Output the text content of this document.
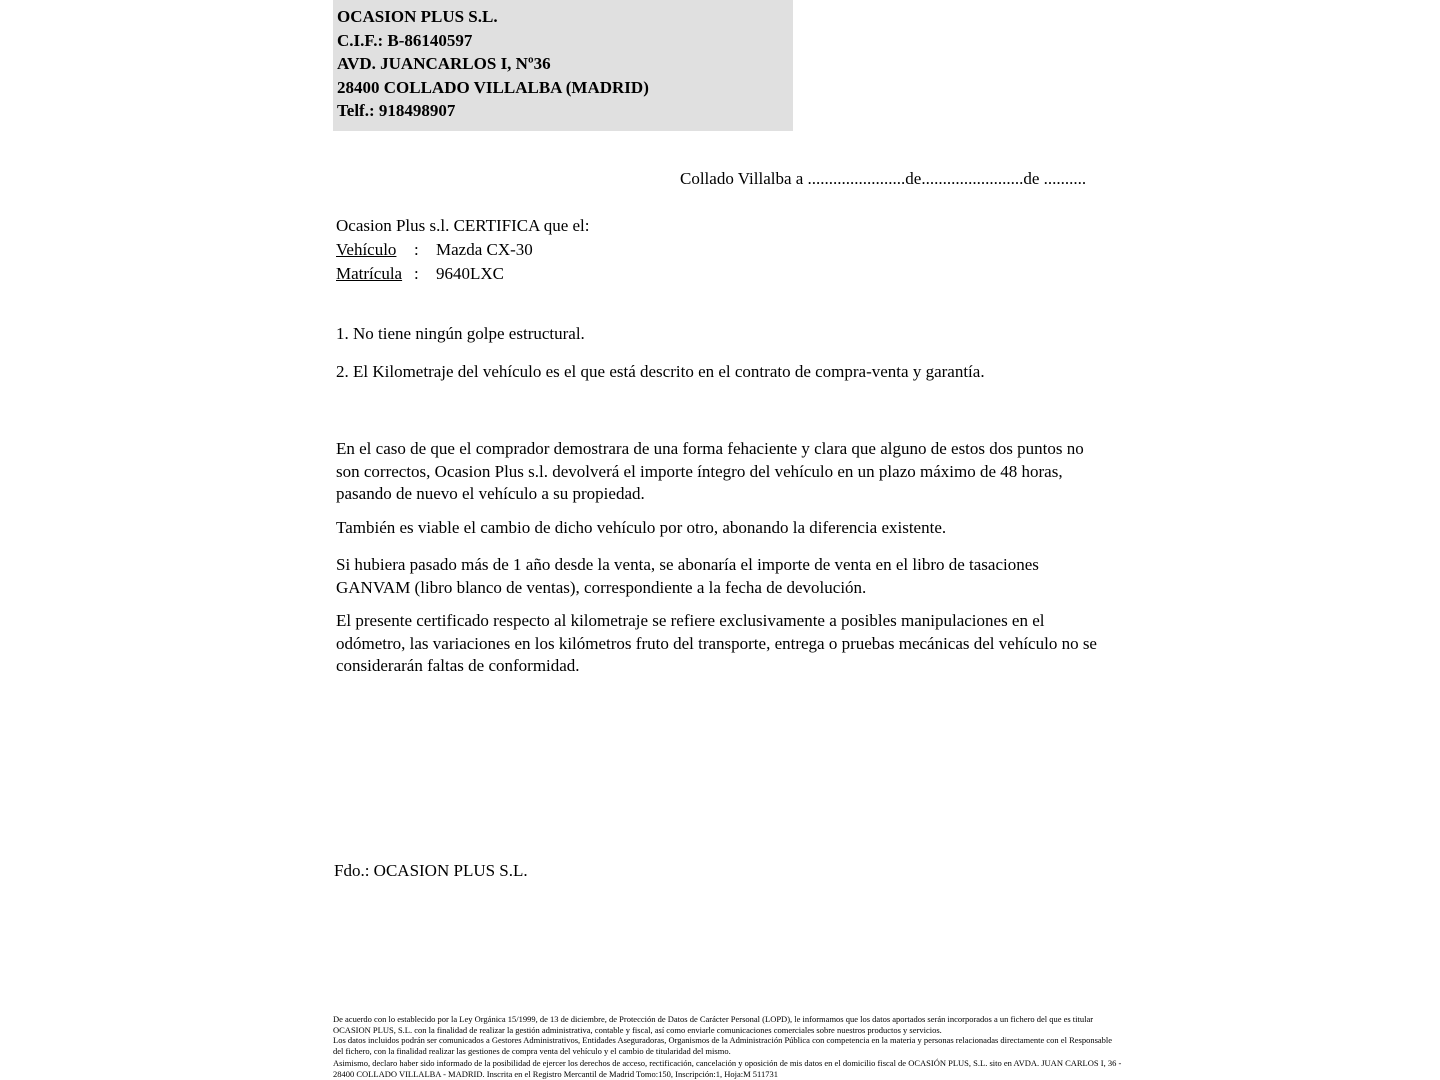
OCASION PLUS S.L.
C.I.F.: B-86140597
AVD. JUANCARLOS I, Nº36
28400 COLLADO VILLALBA (MADRID)
Telf.: 918498907
Collado Villalba a .......................de........................de ..........
Ocasion Plus s.l. CERTIFICA que el:
Vehículo : Mazda CX-30
Matrícula : 9640LXC
1. No tiene ningún golpe estructural.
2. El Kilometraje del vehículo es el que está descrito en el contrato de compra-venta y garantía.
En el caso de que el comprador demostrara de una forma fehaciente y clara que alguno de estos dos puntos no son correctos, Ocasion Plus s.l. devolverá el importe íntegro del vehículo en un plazo máximo de 48 horas, pasando de nuevo el vehículo a su propiedad.
También es viable el cambio de dicho vehículo por otro, abonando la diferencia existente.
Si hubiera pasado más de 1 año desde la venta, se abonaría el importe de venta en el libro de tasaciones GANVAM (libro blanco de ventas), correspondiente a la fecha de devolución.
El presente certificado respecto al kilometraje se refiere exclusivamente a posibles manipulaciones en el odómetro, las variaciones en los kilómetros fruto del transporte, entrega o pruebas mecánicas del vehículo no se considerarán faltas de conformidad.
Fdo.: OCASION PLUS S.L.

De acuerdo con lo establecido por la Ley Orgánica 15/1999, de 13 de diciembre, de Protección de Datos de Carácter Personal (LOPD), le informamos que los datos aportados serán incorporados a un fichero del que es titular OCASION PLUS, S.L. con la finalidad de realizar la gestión administrativa, contable y fiscal, así como enviarle comunicaciones comerciales sobre nuestros productos y servicios.

Los datos incluidos podrán ser comunicados a Gestores Administrativos, Entidades Aseguradoras, Organismos de la Administración Pública con competencia en la materia y personas relacionadas directamente con el Responsable del fichero, con la finalidad realizar las gestiones de compra venta del vehículo y el cambio de titularidad del mismo.

Asimismo, declaro haber sido informado de la posibilidad de ejercer los derechos de acceso, rectificación, cancelación y oposición de mis datos en el domicilio fiscal de OCASIÓN PLUS, S.L. sito en AVDA. JUAN CARLOS I, 36 - 28400 COLLADO VILLALBA - MADRID. Inscrita en el Registro Mercantil de Madrid Tomo:150, Inscripción:1, Hoja:M 511731
